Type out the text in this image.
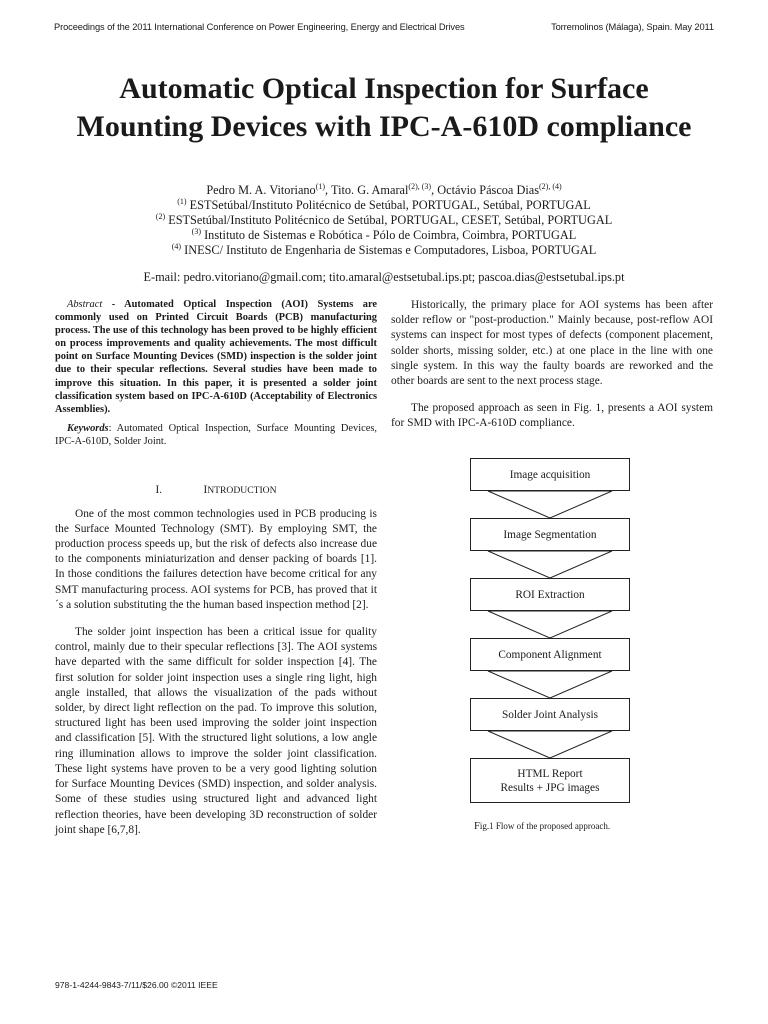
Proceedings of the 2011 International Conference on Power Engineering, Energy and Electrical Drives	Torremolinos (Málaga), Spain. May 2011
Automatic Optical Inspection for Surface Mounting Devices with IPC-A-610D compliance
Pedro M. A. Vitoriano$^{(1)}$, Tito. G. Amaral$^{(2), (3)}$, Octávio Páscoa Dias$^{(2), (4)}$
$^{(1)}$ ESTSetúbal/Instituto Politécnico de Setúbal, PORTUGAL, Setúbal, PORTUGAL
$^{(2)}$ ESTSetúbal/Instituto Politécnico de Setúbal, PORTUGAL, CESET, Setúbal, PORTUGAL
$^{(3)}$ Instituto de Sistemas e Robótica - Pólo de Coimbra, Coimbra, PORTUGAL
$^{(4)}$ INESC/ Instituto de Engenharia de Sistemas e Computadores, Lisboa, PORTUGAL
E-mail: pedro.vitoriano@gmail.com; tito.amaral@estsetubal.ips.pt; pascoa.dias@estsetubal.ips.pt

Abstract - Automated Optical Inspection (AOI) Systems are commonly used on Printed Circuit Boards (PCB) manufacturing process. The use of this technology has been proved to be highly efficient on process improvements and quality achievements. The most difficult point on Surface Mounting Devices (SMD) inspection is the solder joint due to their specular reflections. Several studies have been made to improve this situation. In this paper, it is presented a solder joint classification system based on IPC-A-610D (Acceptability of Electronics Assemblies).

Keywords: Automated Optical Inspection, Surface Mounting Devices, IPC-A-610D, Solder Joint.

I.	INTRODUCTION

One of the most common technologies used in PCB producing is the Surface Mounted Technology (SMT). By employing SMT, the production process speeds up, but the risk of defects also increase due to the components miniaturization and denser packing of boards [1]. In those conditions the failures detection have become critical for any SMT manufacturing process. AOI systems for PCB, has proved that it´s a solution substituting the the human based inspection method [2].

The solder joint inspection has been a critical issue for quality control, mainly due to their specular reflections [3]. The AOI systems have departed with the same difficult for solder inspection [4]. The first solution for solder joint inspection uses a single ring light, high angle installed, that allows the visualization of the pads without solder, by direct light reflection on the pad. To improve this solution, structured light has been used improving the solder joint inspection and classification [5]. With the structured light solutions, a low angle ring illumination allows to improve the solder joint classification. These light systems have proven to be a very good lighting solution for Surface Mounting Devices (SMD) inspection, and solder analysis. Some of these studies using structured light and advanced light reflection theories, have been developing 3D reconstruction of solder joint shape [6,7,8].

Historically, the primary place for AOI systems has been after solder reflow or "post-production." Mainly because, post-reflow AOI systems can inspect for most types of defects (component placement, solder shorts, missing solder, etc.) at one place in the line with one single system. In this way the faulty boards are reworked and the other boards are sent to the next process stage.

The proposed approach as seen in Fig. 1, presents a AOI system for SMD with IPC-A-610D compliance.

Image acquisition
Image Segmentation
ROI Extraction
Component Alignment
Solder Joint Analysis
HTML Report
Results + JPG images
Fig.1 Flow of the proposed approach.
978-1-4244-9843-7/11/$26.00 ©2011 IEEE
